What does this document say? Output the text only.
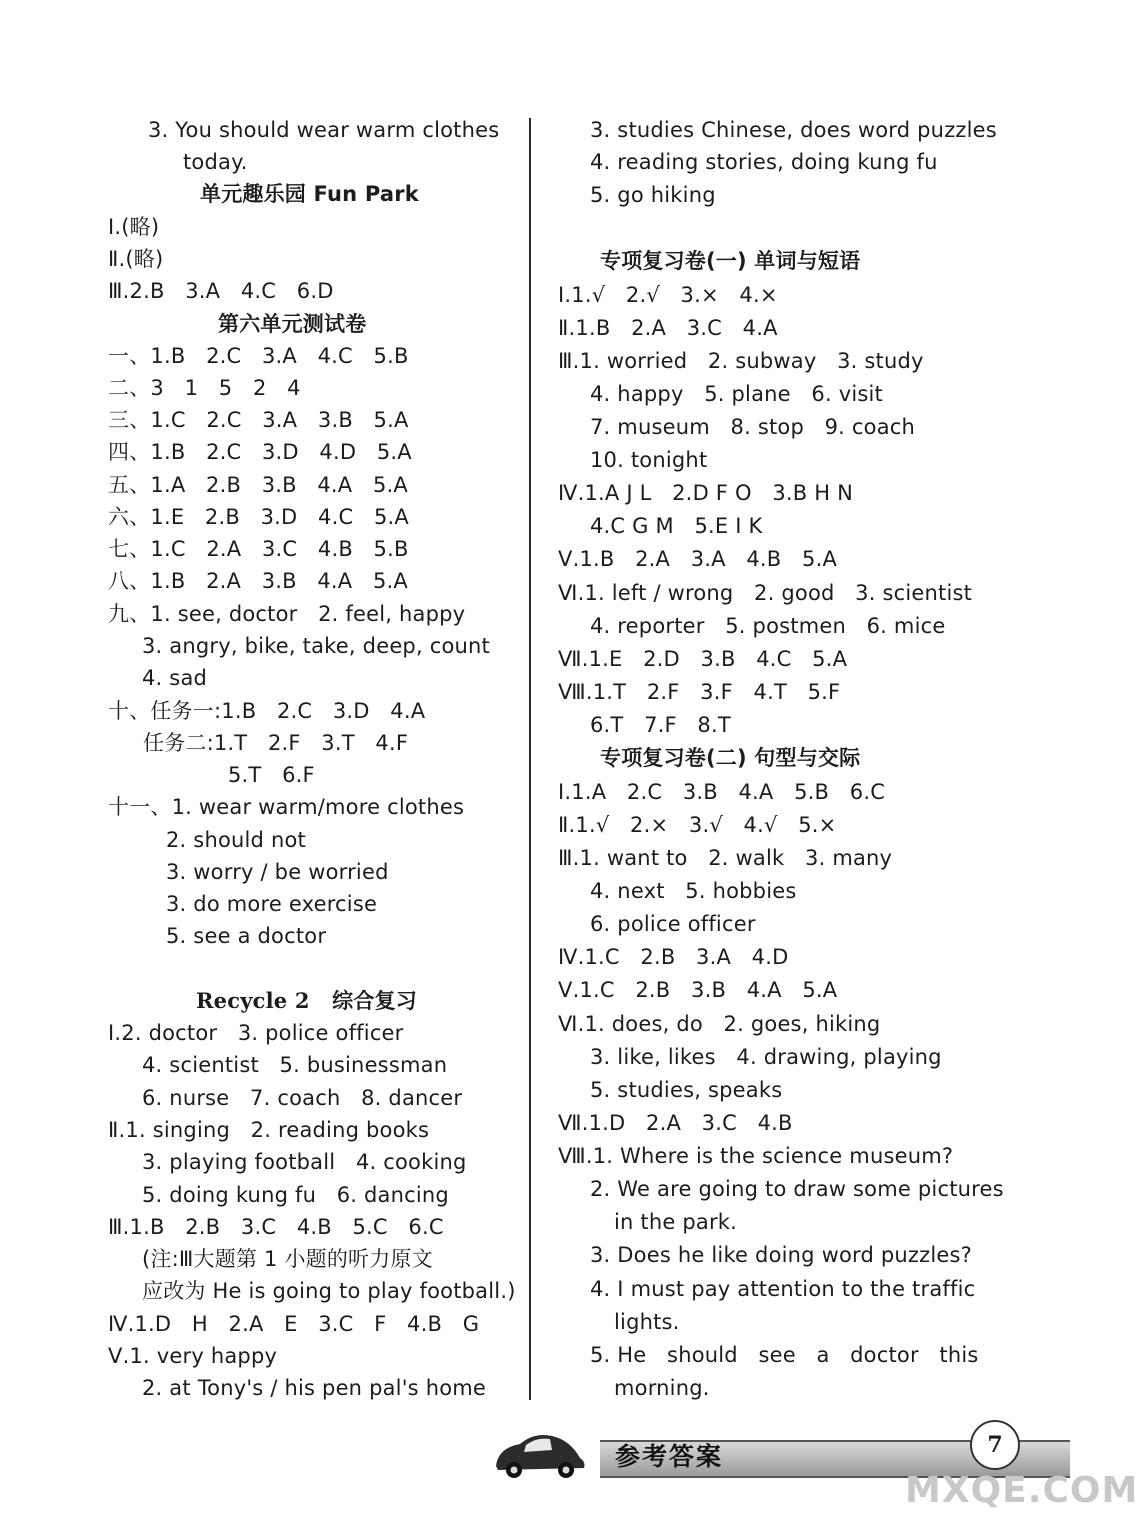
3. You should wear warm clothes
today.
单元趣乐园 Fun Park
Ⅰ.(略)
Ⅱ.(略)
Ⅲ.2.B   3.A   4.C   6.D
第六单元测试卷
一、1.B   2.C   3.A   4.C   5.B
二、3   1   5   2   4
三、1.C   2.C   3.A   3.B   5.A
四、1.B   2.C   3.D   4.D   5.A
五、1.A   2.B   3.B   4.A   5.A
六、1.E   2.B   3.D   4.C   5.A
七、1.C   2.A   3.C   4.B   5.B
八、1.B   2.A   3.B   4.A   5.A
九、1. see, doctor   2. feel, happy
3. angry, bike, take, deep, count
4. sad
十、任务一:1.B   2.C   3.D   4.A
任务二:1.T   2.F   3.T   4.F
5.T   6.F
十一、1. wear warm/more clothes
2. should not
3. worry / be worried
3. do more exercise
5. see a doctor
Recycle 2   综合复习
Ⅰ.2. doctor   3. police officer
4. scientist   5. businessman
6. nurse   7. coach   8. dancer
Ⅱ.1. singing   2. reading books
3. playing football   4. cooking
5. doing kung fu   6. dancing
Ⅲ.1.B   2.B   3.C   4.B   5.C   6.C
(注:Ⅲ大题第 1 小题的听力原文
应改为 He is going to play football.)
Ⅳ.1.D   H   2.A   E   3.C   F   4.B   G
Ⅴ.1. very happy
2. at Tony's / his pen pal's home
3. studies Chinese, does word puzzles
4. reading stories, doing kung fu
5. go hiking
专项复习卷(一) 单词与短语
Ⅰ.1.√   2.√   3.×   4.×
Ⅱ.1.B   2.A   3.C   4.A
Ⅲ.1. worried   2. subway   3. study
4. happy   5. plane   6. visit
7. museum   8. stop   9. coach
10. tonight
Ⅳ.1.A J L   2.D F O   3.B H N
4.C G M   5.E I K
Ⅴ.1.B   2.A   3.A   4.B   5.A
Ⅵ.1. left / wrong   2. good   3. scientist
4. reporter   5. postmen   6. mice
Ⅶ.1.E   2.D   3.B   4.C   5.A
Ⅷ.1.T   2.F   3.F   4.T   5.F
6.T   7.F   8.T
专项复习卷(二) 句型与交际
Ⅰ.1.A   2.C   3.B   4.A   5.B   6.C
Ⅱ.1.√   2.×   3.√   4.√   5.×
Ⅲ.1. want to   2. walk   3. many
4. next   5. hobbies
6. police officer
Ⅳ.1.C   2.B   3.A   4.D
Ⅴ.1.C   2.B   3.B   4.A   5.A
Ⅵ.1. does, do   2. goes, hiking
3. like, likes   4. drawing, playing
5. studies, speaks
Ⅶ.1.D   2.A   3.C   4.B
Ⅷ.1. Where is the science museum?
2. We are going to draw some pictures
in the park.
3. Does he like doing word puzzles?
4. I must pay attention to the traffic
lights.
5. He   should   see   a   doctor   this
morning.
参考答案	7
MXQE.COM
